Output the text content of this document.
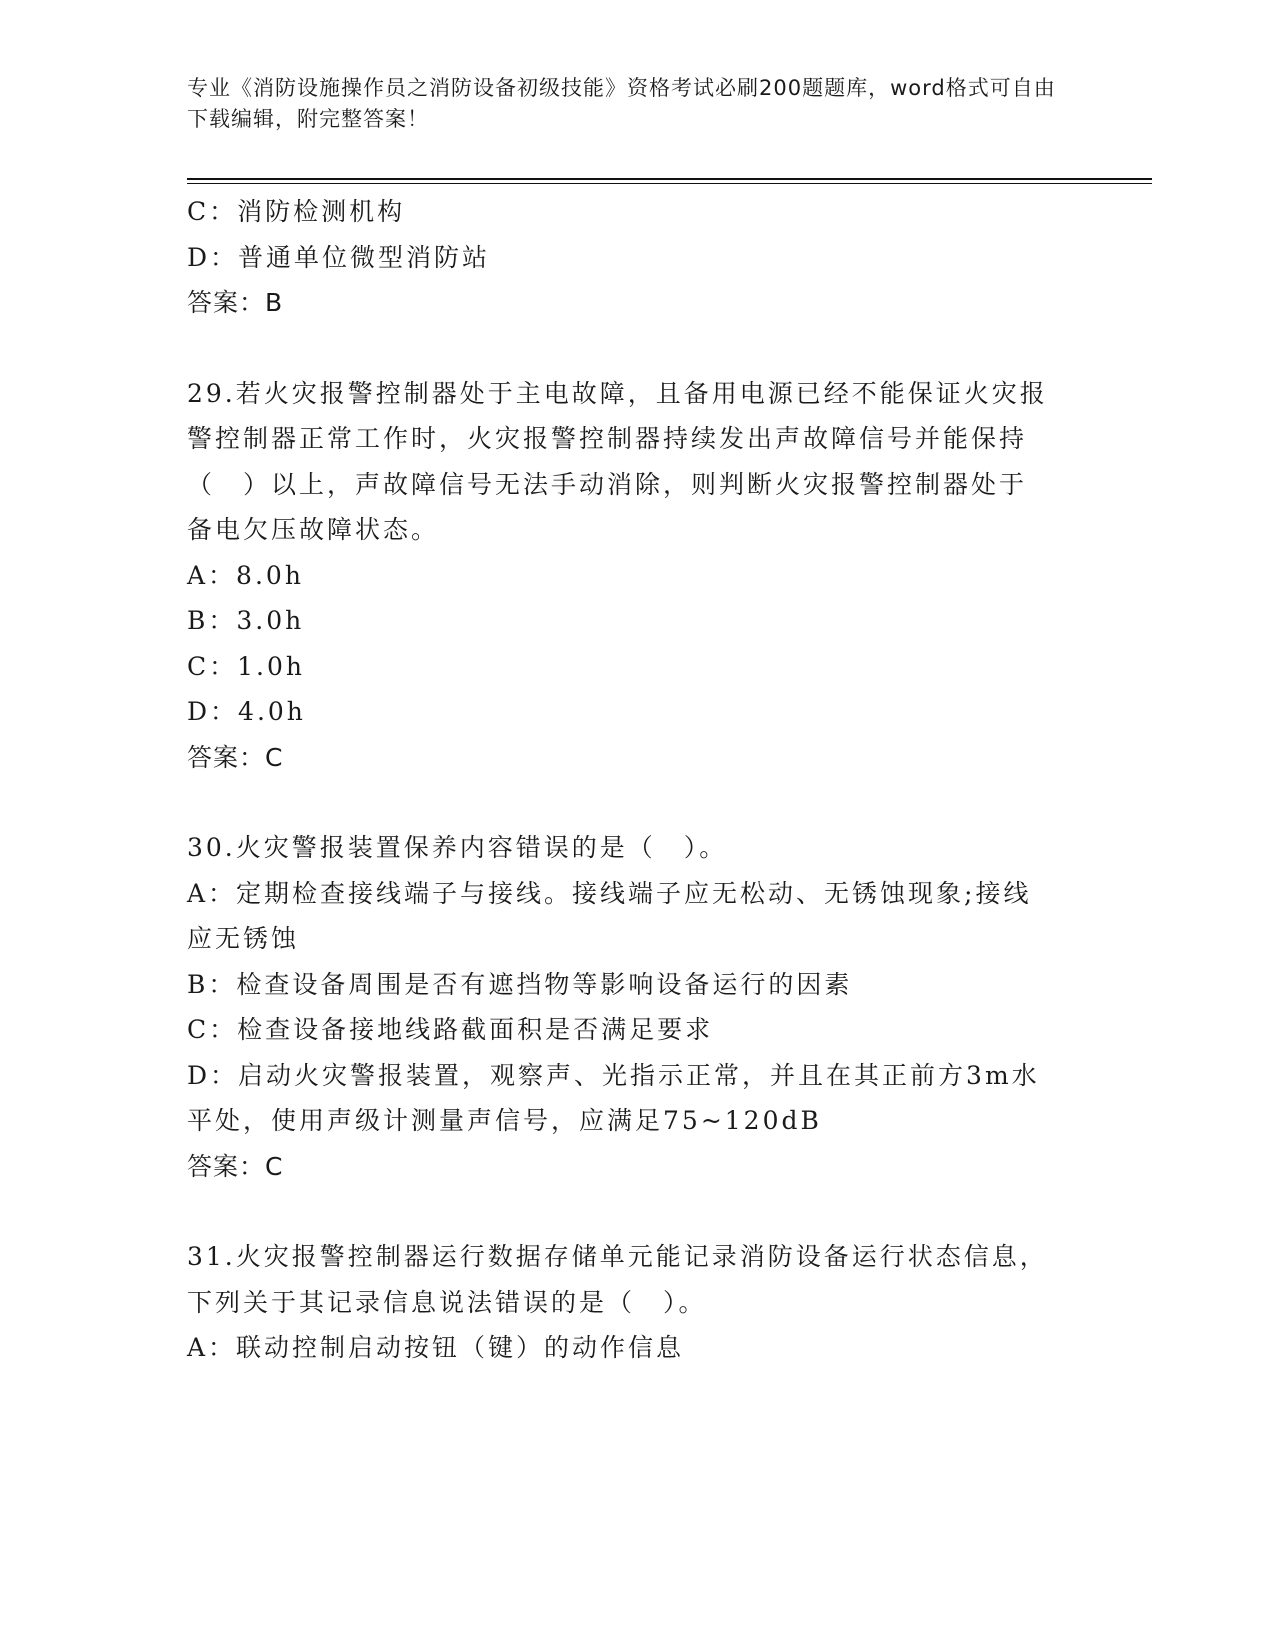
专业《消防设施操作员之消防设备初级技能》资格考试必刷200题题库，word格式可自由下载编辑，附完整答案！

C：消防检测机构

D：普通单位微型消防站

答案：B

29.若火灾报警控制器处于主电故障，且备用电源已经不能保证火灾报

警控制器正常工作时，火灾报警控制器持续发出声故障信号并能保持

（　）以上，声故障信号无法手动消除，则判断火灾报警控制器处于

备电欠压故障状态。

A：8.0h

B：3.0h

C：1.0h

D：4.0h

答案：C

30.火灾警报装置保养内容错误的是（　）。

A：定期检查接线端子与接线。接线端子应无松动、无锈蚀现象;接线

应无锈蚀

B：检查设备周围是否有遮挡物等影响设备运行的因素

C：检查设备接地线路截面积是否满足要求

D：启动火灾警报装置，观察声、光指示正常，并且在其正前方3m水

平处，使用声级计测量声信号，应满足75~120dB

答案：C

31.火灾报警控制器运行数据存储单元能记录消防设备运行状态信息，

下列关于其记录信息说法错误的是（　）。

A：联动控制启动按钮（键）的动作信息
